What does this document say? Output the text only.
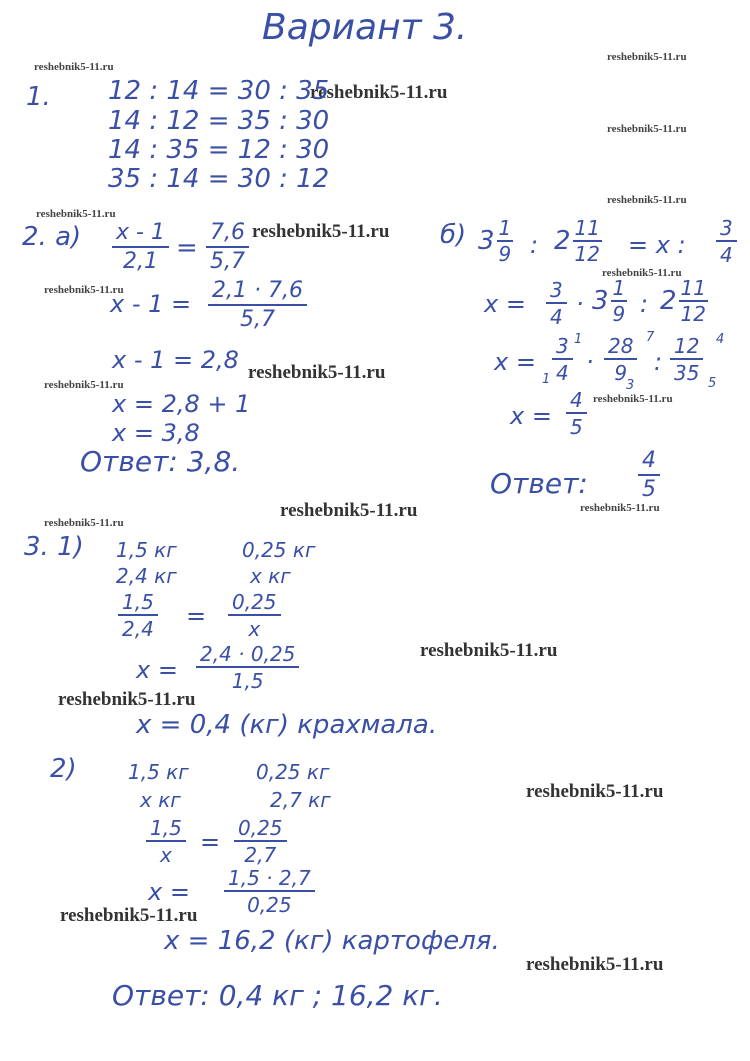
Вариант 3.
reshebnik5-11.ru
reshebnik5-11.ru
reshebnik5-11.ru
reshebnik5-11.ru
reshebnik5-11.ru
reshebnik5-11.ru
reshebnik5-11.ru
reshebnik5-11.ru
reshebnik5-11.ru
reshebnik5-11.ru
reshebnik5-11.ru
reshebnik5-11.ru
reshebnik5-11.ru
reshebnik5-11.ru
reshebnik5-11.ru
reshebnik5-11.ru
reshebnik5-11.ru
reshebnik5-11.ru
reshebnik5-11.ru
reshebnik5-11.ru
1. 12 : 14 = 30 : 35
14 : 12 = 35 : 30
14 : 35 = 12 : 30
35 : 14 = 30 : 12
2. $а) \frac{x - 1}{2,1} = \frac{7,6}{5,7}$
$x - 1 = \frac{2,1 \cdot 7,6}{5,7}$
x - 1 = 2,8
x = 2,8 + 1
x = 3,8
Ответ: 3,8.
б) $3 \frac{1}{9}$ : $2 \frac{11}{12} = x$ : $\frac{3}{4}$
$x = \frac{3}{4} \cdot 3 \frac{1}{9}$ : $2 \frac{11}{12}$
$x = \frac{3}{4} 1$
1
· $\frac{28}{9} 7$
3
: $\frac{12}{35} 4$
5
$x = \frac{4}{5}$
Ответ: $\frac{4}{5}$
3. 1) 1,5 кг	0,25 кг
2,4 кг	x кг
$\frac{1,5}{2,4} = \frac{0,25}{x}$
$x = \frac{2,4 \cdot 0,25}{1,5}$
x = 0,4 (кг) крахмала.
2)	1,5 кг	0,25 кг
x кг	2,7 кг
$\frac{1,5}{x} = \frac{0,25}{2,7}$
$x = \frac{1,5 \cdot 2,7}{0,25}$
x = 16,2 (кг) картофеля.
Ответ: 0,4 кг ; 16,2 кг.
